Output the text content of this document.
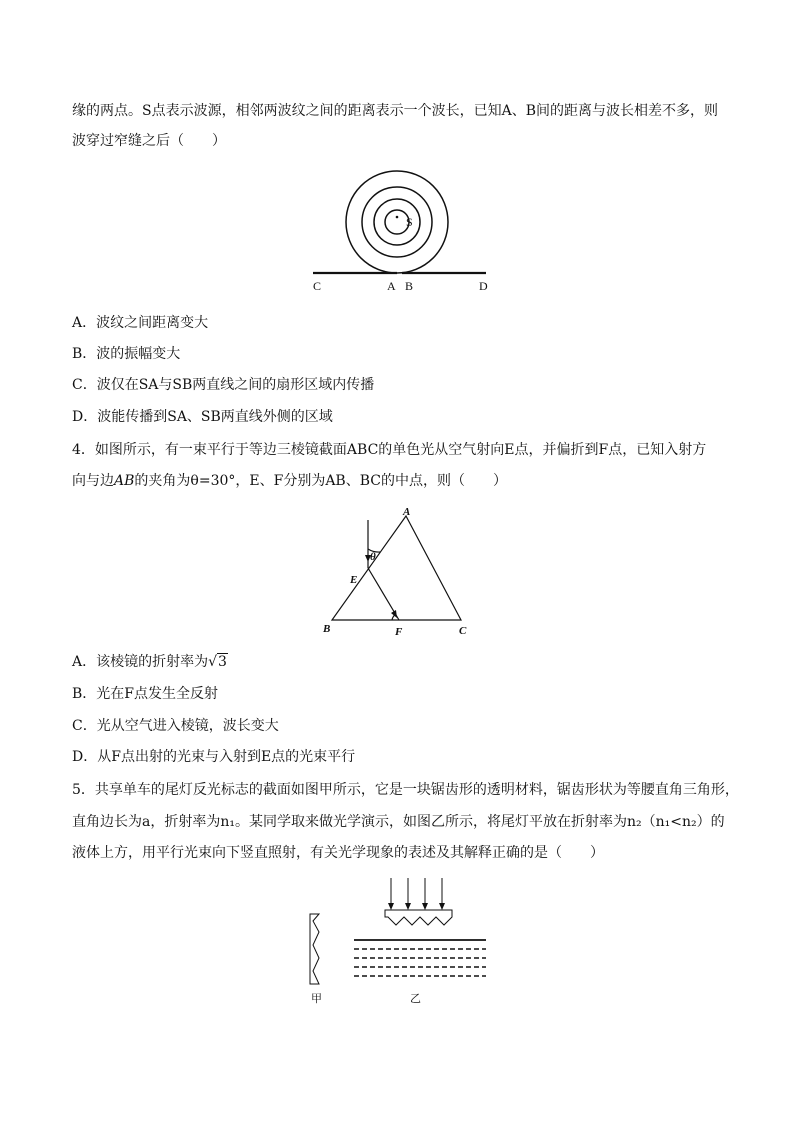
缘的两点。S点表示波源，相邻两波纹之间的距离表示一个波长，已知A、B间的距离与波长相差不多，则
波穿过窄缝之后（　　）
S
C	A B	D
A．波纹之间距离变大
B．波的振幅变大
C．波仅在SA与SB两直线之间的扇形区域内传播
D．波能传播到SA、SB两直线外侧的区域
4．如图所示，有一束平行于等边三棱镜截面ABC的单色光从空气射向E点，并偏折到F点，已知入射方
向与边AB的夹角为θ=30°，E、F分别为AB、BC的中点，则（　　）
A
B	C
E
F
θ
A．该棱镜的折射率为√3
B．光在F点发生全反射
C．光从空气进入棱镜，波长变大
D．从F点出射的光束与入射到E点的光束平行
5．共享单车的尾灯反光标志的截面如图甲所示，它是一块锯齿形的透明材料，锯齿形状为等腰直角三角形，
直角边长为a，折射率为n₁。某同学取来做光学演示，如图乙所示，将尾灯平放在折射率为n₂（n₁<n₂）的
液体上方，用平行光束向下竖直照射，有关光学现象的表述及其解释正确的是（　　）
甲	乙
